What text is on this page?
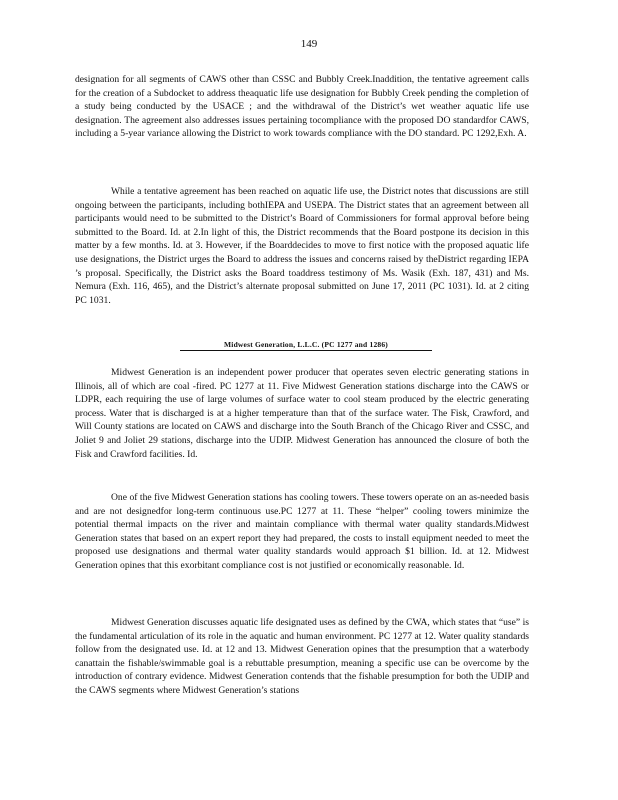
149

designation for all segments of CAWS other than CSSC and Bubbly Creek.Inaddition, the tentative agreement calls for the creation of a Subdocket to address theaquatic life use designation for Bubbly Creek pending the completion of a study being conducted by the USACE ; and the withdrawal of the District’s wet weather aquatic life use designation. The agreement also addresses issues pertaining tocompliance with the proposed DO standardfor CAWS, including a 5-year variance allowing the District to work towards compliance with the DO standard. PC 1292,Exh. A.

While a tentative agreement has been reached on aquatic life use, the District notes that discussions are still ongoing between the participants, including bothIEPA and USEPA. The District states that an agreement between all participants would need to be submitted to the District’s Board of Commissioners for formal approval before being submitted to the Board. Id. at 2.In light of this, the District recommends that the Board postpone its decision in this matter by a few months. Id. at 3. However, if the Boarddecides to move to first notice with the proposed aquatic life use designations, the District urges the Board to address the issues and concerns raised by theDistrict regarding IEPA ’s proposal. Specifically, the District asks the Board toaddress testimony of Ms. Wasik (Exh. 187, 431) and Ms. Nemura (Exh. 116, 465), and the District’s alternate proposal submitted on June 17, 2011 (PC 1031). Id. at 2 citing PC 1031.

Midwest Generation, L.L.C. (PC 1277 and 1286)

Midwest Generation is an independent power producer that operates seven electric generating stations in Illinois, all of which are coal -fired. PC 1277 at 11. Five Midwest Generation stations discharge into the CAWS or LDPR, each requiring the use of large volumes of surface water to cool steam produced by the electric generating process. Water that is discharged is at a higher temperature than that of the surface water. The Fisk, Crawford, and Will County stations are located on CAWS and discharge into the South Branch of the Chicago River and CSSC, and Joliet 9 and Joliet 29 stations, discharge into the UDIP. Midwest Generation has announced the closure of both the Fisk and Crawford facilities. Id.

One of the five Midwest Generation stations has cooling towers. These towers operate on an as-needed basis and are not designedfor long-term continuous use.PC 1277 at 11. These “helper” cooling towers minimize the potential thermal impacts on the river and maintain compliance with thermal water quality standards.Midwest Generation states that based on an expert report they had prepared, the costs to install equipment needed to meet the proposed use designations and thermal water quality standards would approach $1 billion. Id. at 12. Midwest Generation opines that this exorbitant compliance cost is not justified or economically reasonable. Id.

Midwest Generation discusses aquatic life designated uses as defined by the CWA, which states that “use” is the fundamental articulation of its role in the aquatic and human environment. PC 1277 at 12. Water quality standards follow from the designated use. Id. at 12 and 13. Midwest Generation opines that the presumption that a waterbody canattain the fishable/swimmable goal is a rebuttable presumption, meaning a specific use can be overcome by the introduction of contrary evidence. Midwest Generation contends that the fishable presumption for both the UDIP and the CAWS segments where Midwest Generation’s stations
